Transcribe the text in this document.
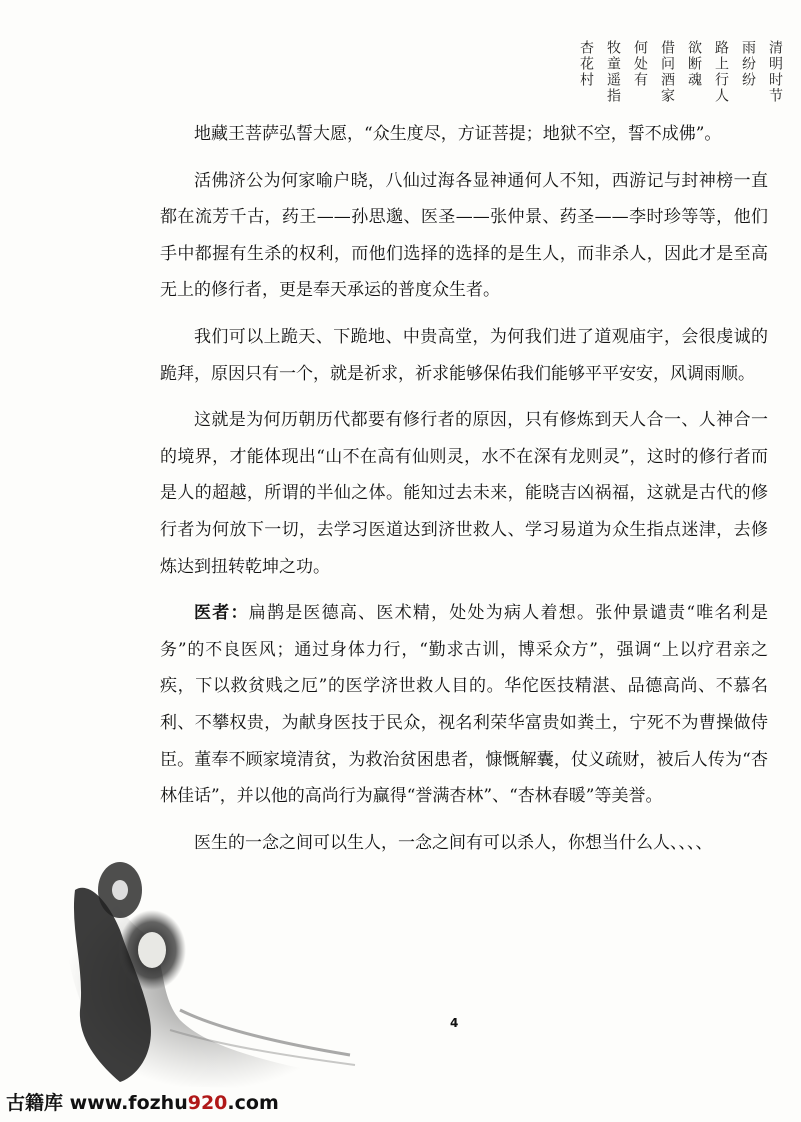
清明时节
雨纷纷
路上行人
欲断魂
借问酒家
何处有
牧童遥指
杏花村

地藏王菩萨弘誓大愿，“众生度尽，方证菩提；地狱不空，誓不成佛”。

活佛济公为何家喻户晓，八仙过海各显神通何人不知，西游记与封神榜一直都在流芳千古，药王——孙思邈、医圣——张仲景、药圣——李时珍等等，他们手中都握有生杀的权利，而他们选择的选择的是生人，而非杀人，因此才是至高无上的修行者，更是奉天承运的普度众生者。

我们可以上跪天、下跪地、中贵高堂，为何我们进了道观庙宇，会很虔诚的跪拜，原因只有一个，就是祈求，祈求能够保佑我们能够平平安安，风调雨顺。

这就是为何历朝历代都要有修行者的原因，只有修炼到天人合一、人神合一的境界，才能体现出“山不在高有仙则灵，水不在深有龙则灵”，这时的修行者而是人的超越，所谓的半仙之体。能知过去未来，能晓吉凶祸福，这就是古代的修行者为何放下一切，去学习医道达到济世救人、学习易道为众生指点迷津，去修炼达到扭转乾坤之功。

医者：扁鹊是医德高、医术精，处处为病人着想。张仲景谴责“唯名利是务”的不良医风；通过身体力行，“勤求古训，博采众方”，强调“上以疗君亲之疾，下以救贫贱之厄”的医学济世救人目的。华佗医技精湛、品德高尚、不慕名利、不攀权贵，为献身医技于民众，视名利荣华富贵如粪土，宁死不为曹操做侍臣。董奉不顾家境清贫，为救治贫困患者，慷慨解囊，仗义疏财，被后人传为“杏林佳话”，并以他的高尚行为赢得“誉满杏林”、“杏林春暖”等美誉。

医生的一念之间可以生人，一念之间有可以杀人，你想当什么人、、、、

4
古籍库 www.fozhu920.com
